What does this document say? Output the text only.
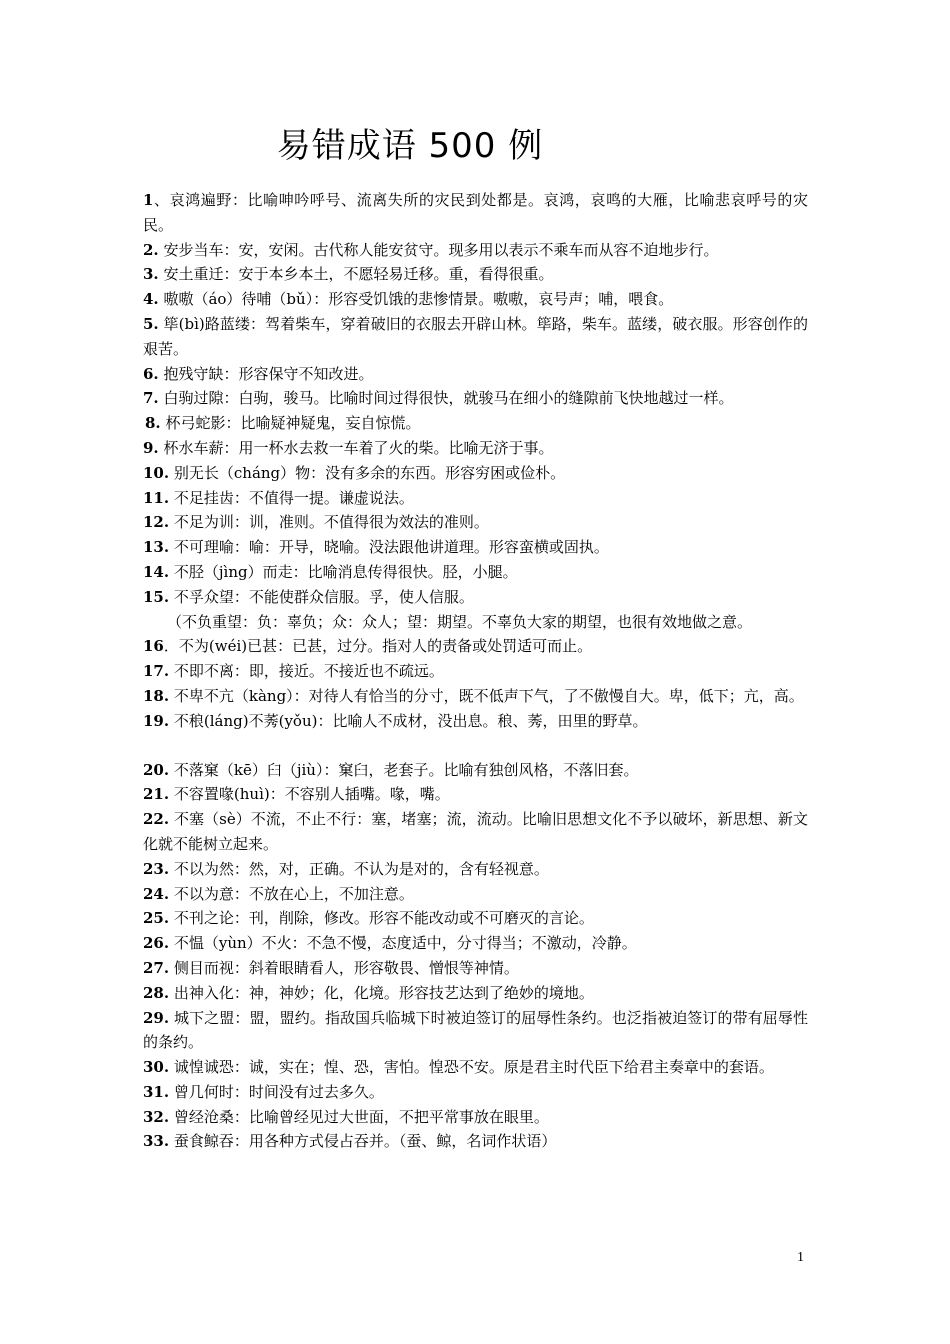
易错成语 500 例

1、哀鸿遍野：比喻呻吟呼号、流离失所的灾民到处都是。哀鸿，哀鸣的大雁，比喻悲哀呼号的灾民。

2. 安步当车：安，安闲。古代称人能安贫守。现多用以表示不乘车而从容不迫地步行。

3. 安土重迁：安于本乡本土，不愿轻易迁移。重，看得很重。

4. 嗷嗷（áo）待哺（bǔ）：形容受饥饿的悲惨情景。嗷嗷，哀号声；哺，喂食。

5. 筚(bì)路蓝缕：驾着柴车，穿着破旧的衣服去开辟山林。筚路，柴车。蓝缕，破衣服。形容创作的艰苦。

6. 抱残守缺：形容保守不知改进。

7. 白驹过隙：白驹，骏马。比喻时间过得很快，就骏马在细小的缝隙前飞快地越过一样。

8. 杯弓蛇影：比喻疑神疑鬼，妄自惊慌。

9. 杯水车薪：用一杯水去救一车着了火的柴。比喻无济于事。

10. 别无长（cháng）物：没有多余的东西。形容穷困或俭朴。

11. 不足挂齿：不值得一提。谦虚说法。

12. 不足为训：训，准则。不值得很为效法的准则。

13. 不可理喻：喻：开导，晓喻。没法跟他讲道理。形容蛮横或固执。

14. 不胫（jìng）而走：比喻消息传得很快。胫，小腿。

15. 不孚众望：不能使群众信服。孚，使人信服。

（不负重望：负：辜负；众：众人；望：期望。不辜负大家的期望，也很有效地做之意。

16．不为(wéi)已甚：已甚，过分。指对人的责备或处罚适可而止。

17. 不即不离：即，接近。不接近也不疏远。

18. 不卑不亢（kàng）：对待人有恰当的分寸，既不低声下气，了不傲慢自大。卑，低下；亢，高。

19. 不稂(láng)不莠(yǒu)：比喻人不成材，没出息。稂、莠，田里的野草。

20. 不落窠（kē）臼（jiù）：窠臼，老套子。比喻有独创风格，不落旧套。

21. 不容置喙(huì)：不容别人插嘴。喙，嘴。

22. 不塞（sè）不流，不止不行：塞，堵塞；流，流动。比喻旧思想文化不予以破坏，新思想、新文化就不能树立起来。

23. 不以为然：然，对，正确。不认为是对的，含有轻视意。

24. 不以为意：不放在心上，不加注意。

25. 不刊之论：刊，削除，修改。形容不能改动或不可磨灭的言论。

26. 不愠（yùn）不火：不急不慢，态度适中，分寸得当；不激动，冷静。

27. 侧目而视：斜着眼睛看人，形容敬畏、憎恨等神情。

28. 出神入化：神，神妙；化，化境。形容技艺达到了绝妙的境地。

29. 城下之盟：盟，盟约。指敌国兵临城下时被迫签订的屈辱性条约。也泛指被迫签订的带有屈辱性的条约。

30. 诚惶诚恐：诚，实在；惶、恐，害怕。惶恐不安。原是君主时代臣下给君主奏章中的套语。

31. 曾几何时：时间没有过去多久。

32. 曾经沧桑：比喻曾经见过大世面，不把平常事放在眼里。

33. 蚕食鲸吞：用各种方式侵占吞并。（蚕、鲸，名词作状语）

1
